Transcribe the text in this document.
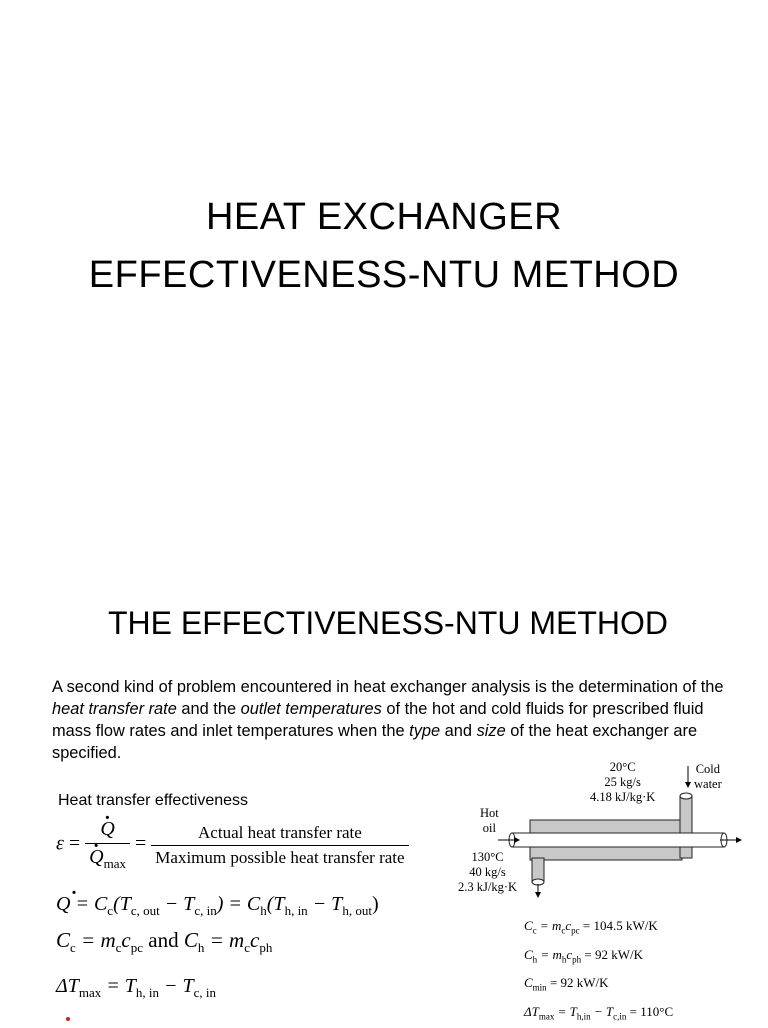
HEAT EXCHANGER
EFFECTIVENESS-NTU METHOD
THE EFFECTIVENESS-NTU METHOD
A second kind of problem encountered in heat exchanger analysis is the determination of the heat transfer rate and the outlet temperatures of the hot and cold fluids for prescribed fluid mass flow rates and inlet temperatures when the type and size of the heat exchanger are specified.
Heat transfer effectiveness
ε =
· Q
· $Q_{max} = \frac{\text{Actual heat transfer rate}}{\text{Maximum possible heat transfer rate}}$
· $Q = C_c(T_{c, out} - T_{c, in}) = C_h(T_{h, in} - T_{h, out})$
$C_c = m_cc_{pc}$ and $C_h = m_cc_{ph}$
$\Delta T_{max} = T_{h, in} - T_{c, in}$
20°C
25 kg/s
4.18 kJ/kg·K
Cold
water
Hot
oil
130°C
40 kg/s
2.3 kJ/kg·K
$C_c = m_cc_{pc} = 104.5$ kW/K
$C_h = m_hc_{ph} = 92$ kW/K
$C_{min} = 92$ kW/K
$\Delta T_{max} = T_{h,in} - T_{c,in} = 110^\circ C$
